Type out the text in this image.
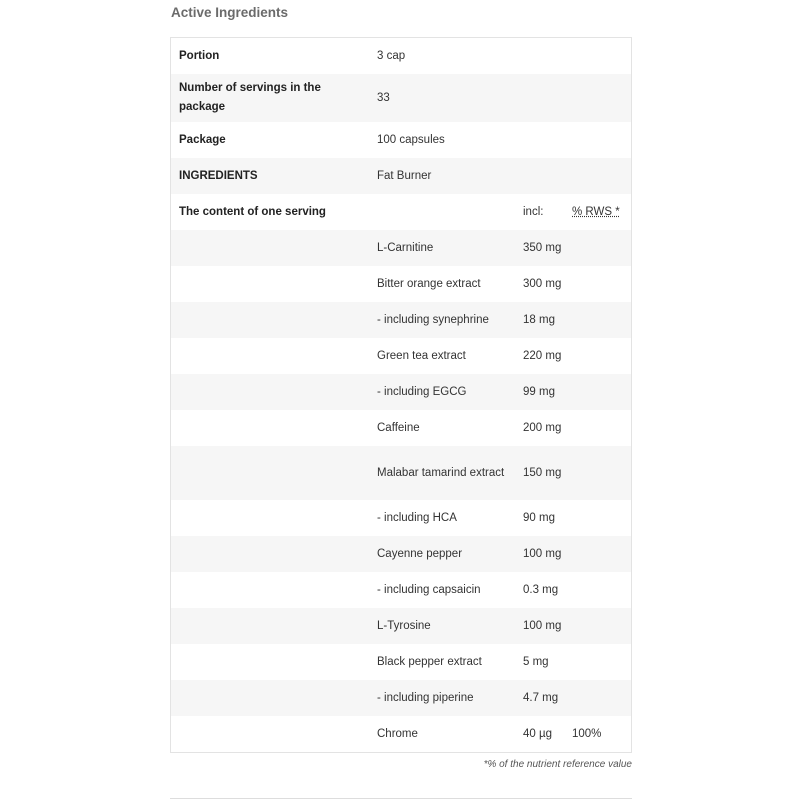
Active Ingredients
Portion	3 cap		
Number of servings in the package	33		
Package	100 capsules		
INGREDIENTS	Fat Burner		
The content of one serving		incl:	% RWS *
	L-Carnitine	350 mg	
	Bitter orange extract	300 mg	
	- including synephrine	18 mg	
	Green tea extract	220 mg	
	- including EGCG	99 mg	
	Caffeine	200 mg	
	Malabar tamarind extract	150 mg	
	- including HCA	90 mg	
	Cayenne pepper	100 mg	
	- including capsaicin	0.3 mg	
	L-Tyrosine	100 mg	
	Black pepper extract	5 mg	
	- including piperine	4.7 mg	
	Chrome	40 µg	100%
*% of the nutrient reference value
